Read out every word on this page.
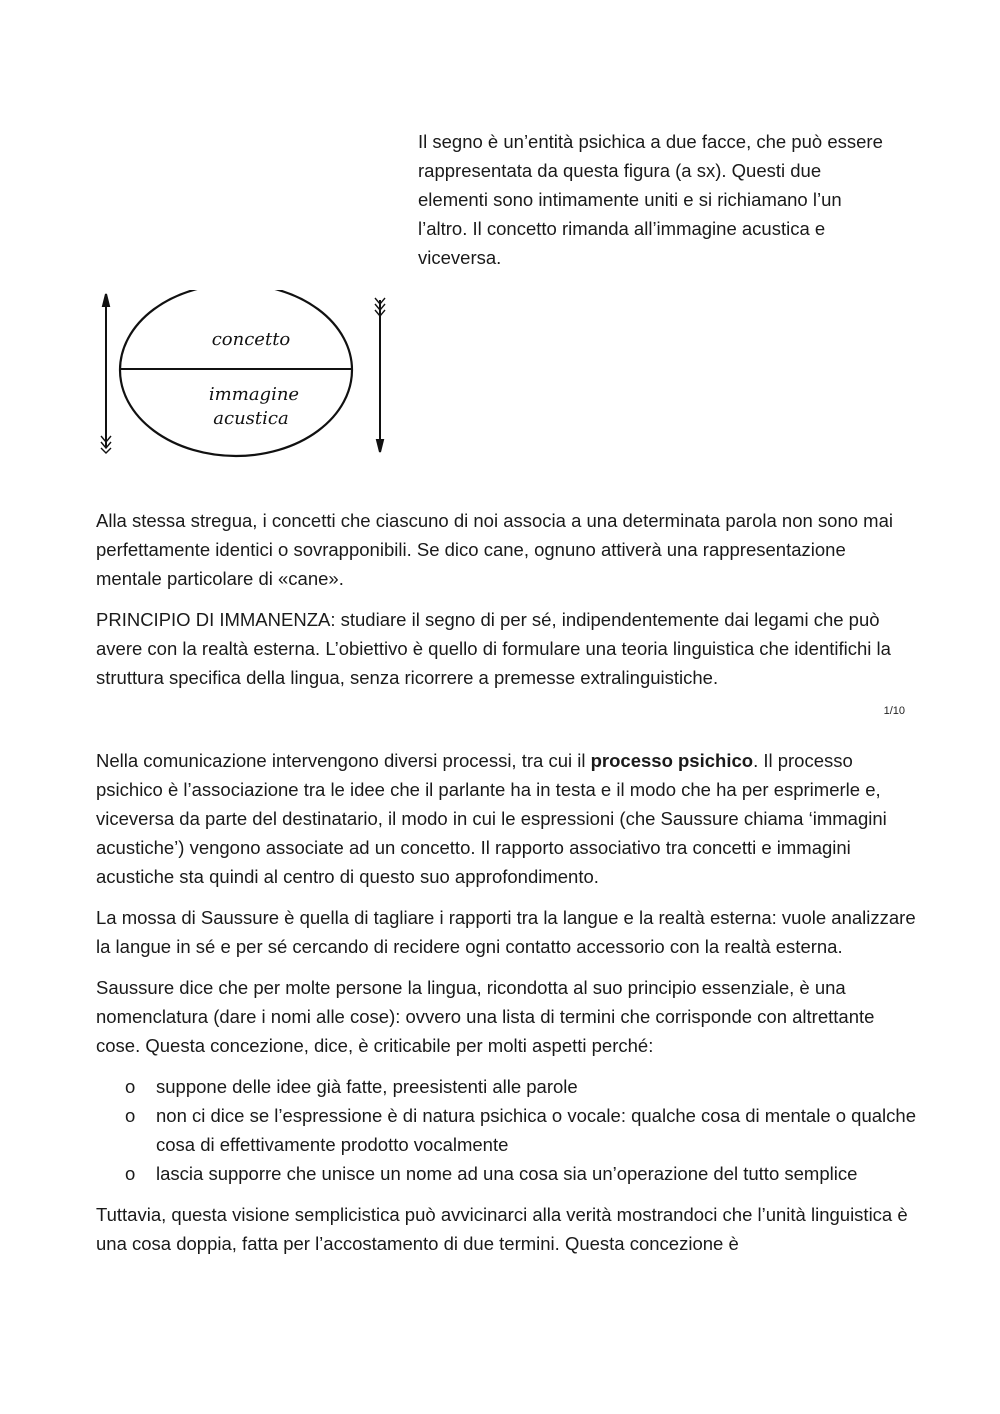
Il segno è un’entità psichica a due facce, che può essere rappresentata da questa figura (a sx). Questi due elementi sono intimamente uniti e si richiamano l’un l’altro. Il concetto rimanda all’immagine acustica e viceversa.

concetto
immagine
acustica

Alla stessa stregua, i concetti che ciascuno di noi associa a una determinata parola non sono mai perfettamente identici o sovrapponibili. Se dico cane, ognuno attiverà una rappresentazione mentale particolare di «cane».

PRINCIPIO DI IMMANENZA: studiare il segno di per sé, indipendentemente dai legami che può avere con la realtà esterna. L’obiettivo è quello di formulare una teoria linguistica che identifichi la struttura specifica della lingua, senza ricorrere a premesse extralinguistiche.

1/10

Nella comunicazione intervengono diversi processi, tra cui il processo psichico. Il processo psichico è l’associazione tra le idee che il parlante ha in testa e il modo che ha per esprimerle e, viceversa da parte del destinatario, il modo in cui le espressioni (che Saussure chiama ‘immagini acustiche’) vengono associate ad un concetto. Il rapporto associativo tra concetti e immagini acustiche sta quindi al centro di questo suo approfondimento.

La mossa di Saussure è quella di tagliare i rapporti tra la langue e la realtà esterna: vuole analizzare la langue in sé e per sé cercando di recidere ogni contatto accessorio con la realtà esterna.

Saussure dice che per molte persone la lingua, ricondotta al suo principio essenziale, è una nomenclatura (dare i nomi alle cose): ovvero una lista di termini che corrisponde con altrettante cose. Questa concezione, dice, è criticabile per molti aspetti perché:

o suppone delle idee già fatte, preesistenti alle parole
o non ci dice se l’espressione è di natura psichica o vocale: qualche cosa di mentale o qualche cosa di effettivamente prodotto vocalmente
o lascia supporre che unisce un nome ad una cosa sia un’operazione del tutto semplice

Tuttavia, questa visione semplicistica può avvicinarci alla verità mostrandoci che l’unità linguistica è una cosa doppia, fatta per l’accostamento di due termini. Questa concezione è
